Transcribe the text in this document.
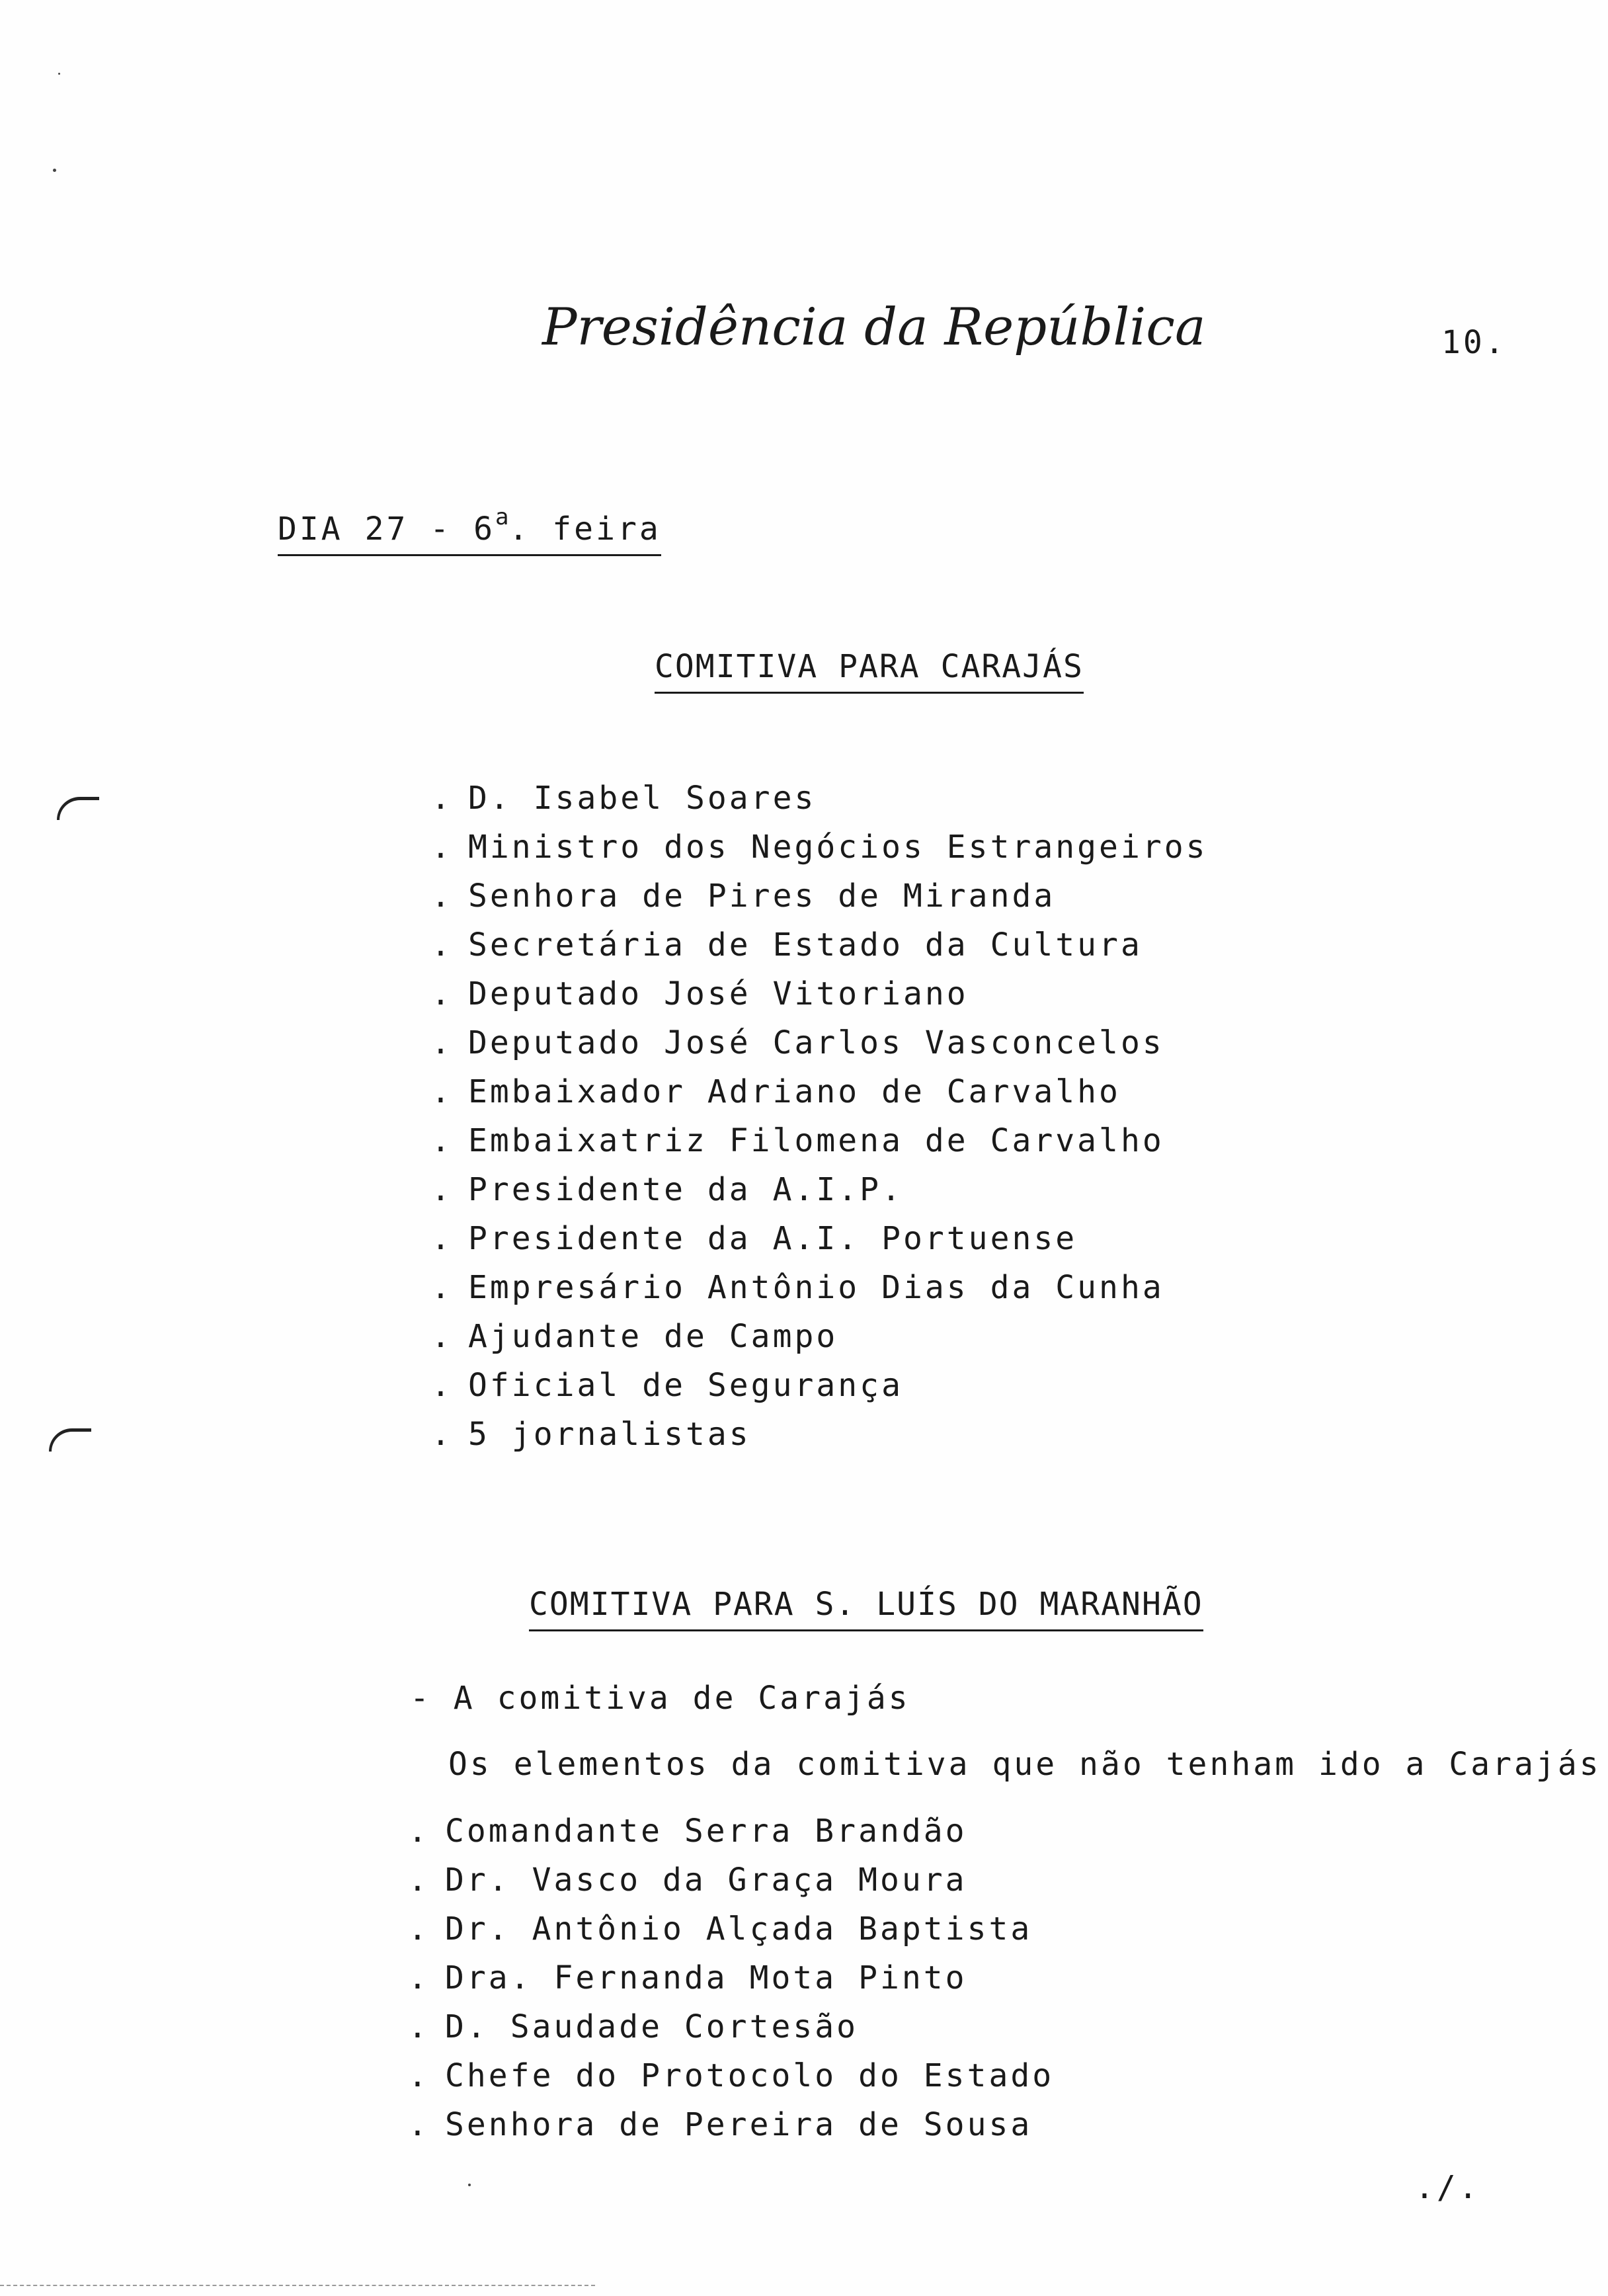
Presidência da República	10.
DIA 27 - 6$^a$. feira
COMITIVA PARA CARAJÁS
. D. Isabel Soares
. Ministro dos Negócios Estrangeiros
. Senhora de Pires de Miranda
. Secretária de Estado da Cultura
. Deputado José Vitoriano
. Deputado José Carlos Vasconcelos
. Embaixador Adriano de Carvalho
. Embaixatriz Filomena de Carvalho
. Presidente da A.I.P.
. Presidente da A.I. Portuense
. Empresário Antônio Dias da Cunha
. Ajudante de Campo
. Oficial de Segurança
. 5 jornalistas
COMITIVA PARA S. LUÍS DO MARANHÃO
- A comitiva de Carajás
Os elementos da comitiva que não tenham ido a Carajás
. Comandante Serra Brandão
. Dr. Vasco da Graça Moura
. Dr. Antônio Alçada Baptista
. Dra. Fernanda Mota Pinto
. D. Saudade Cortesão
. Chefe do Protocolo do Estado
. Senhora de Pereira de Sousa
./.
